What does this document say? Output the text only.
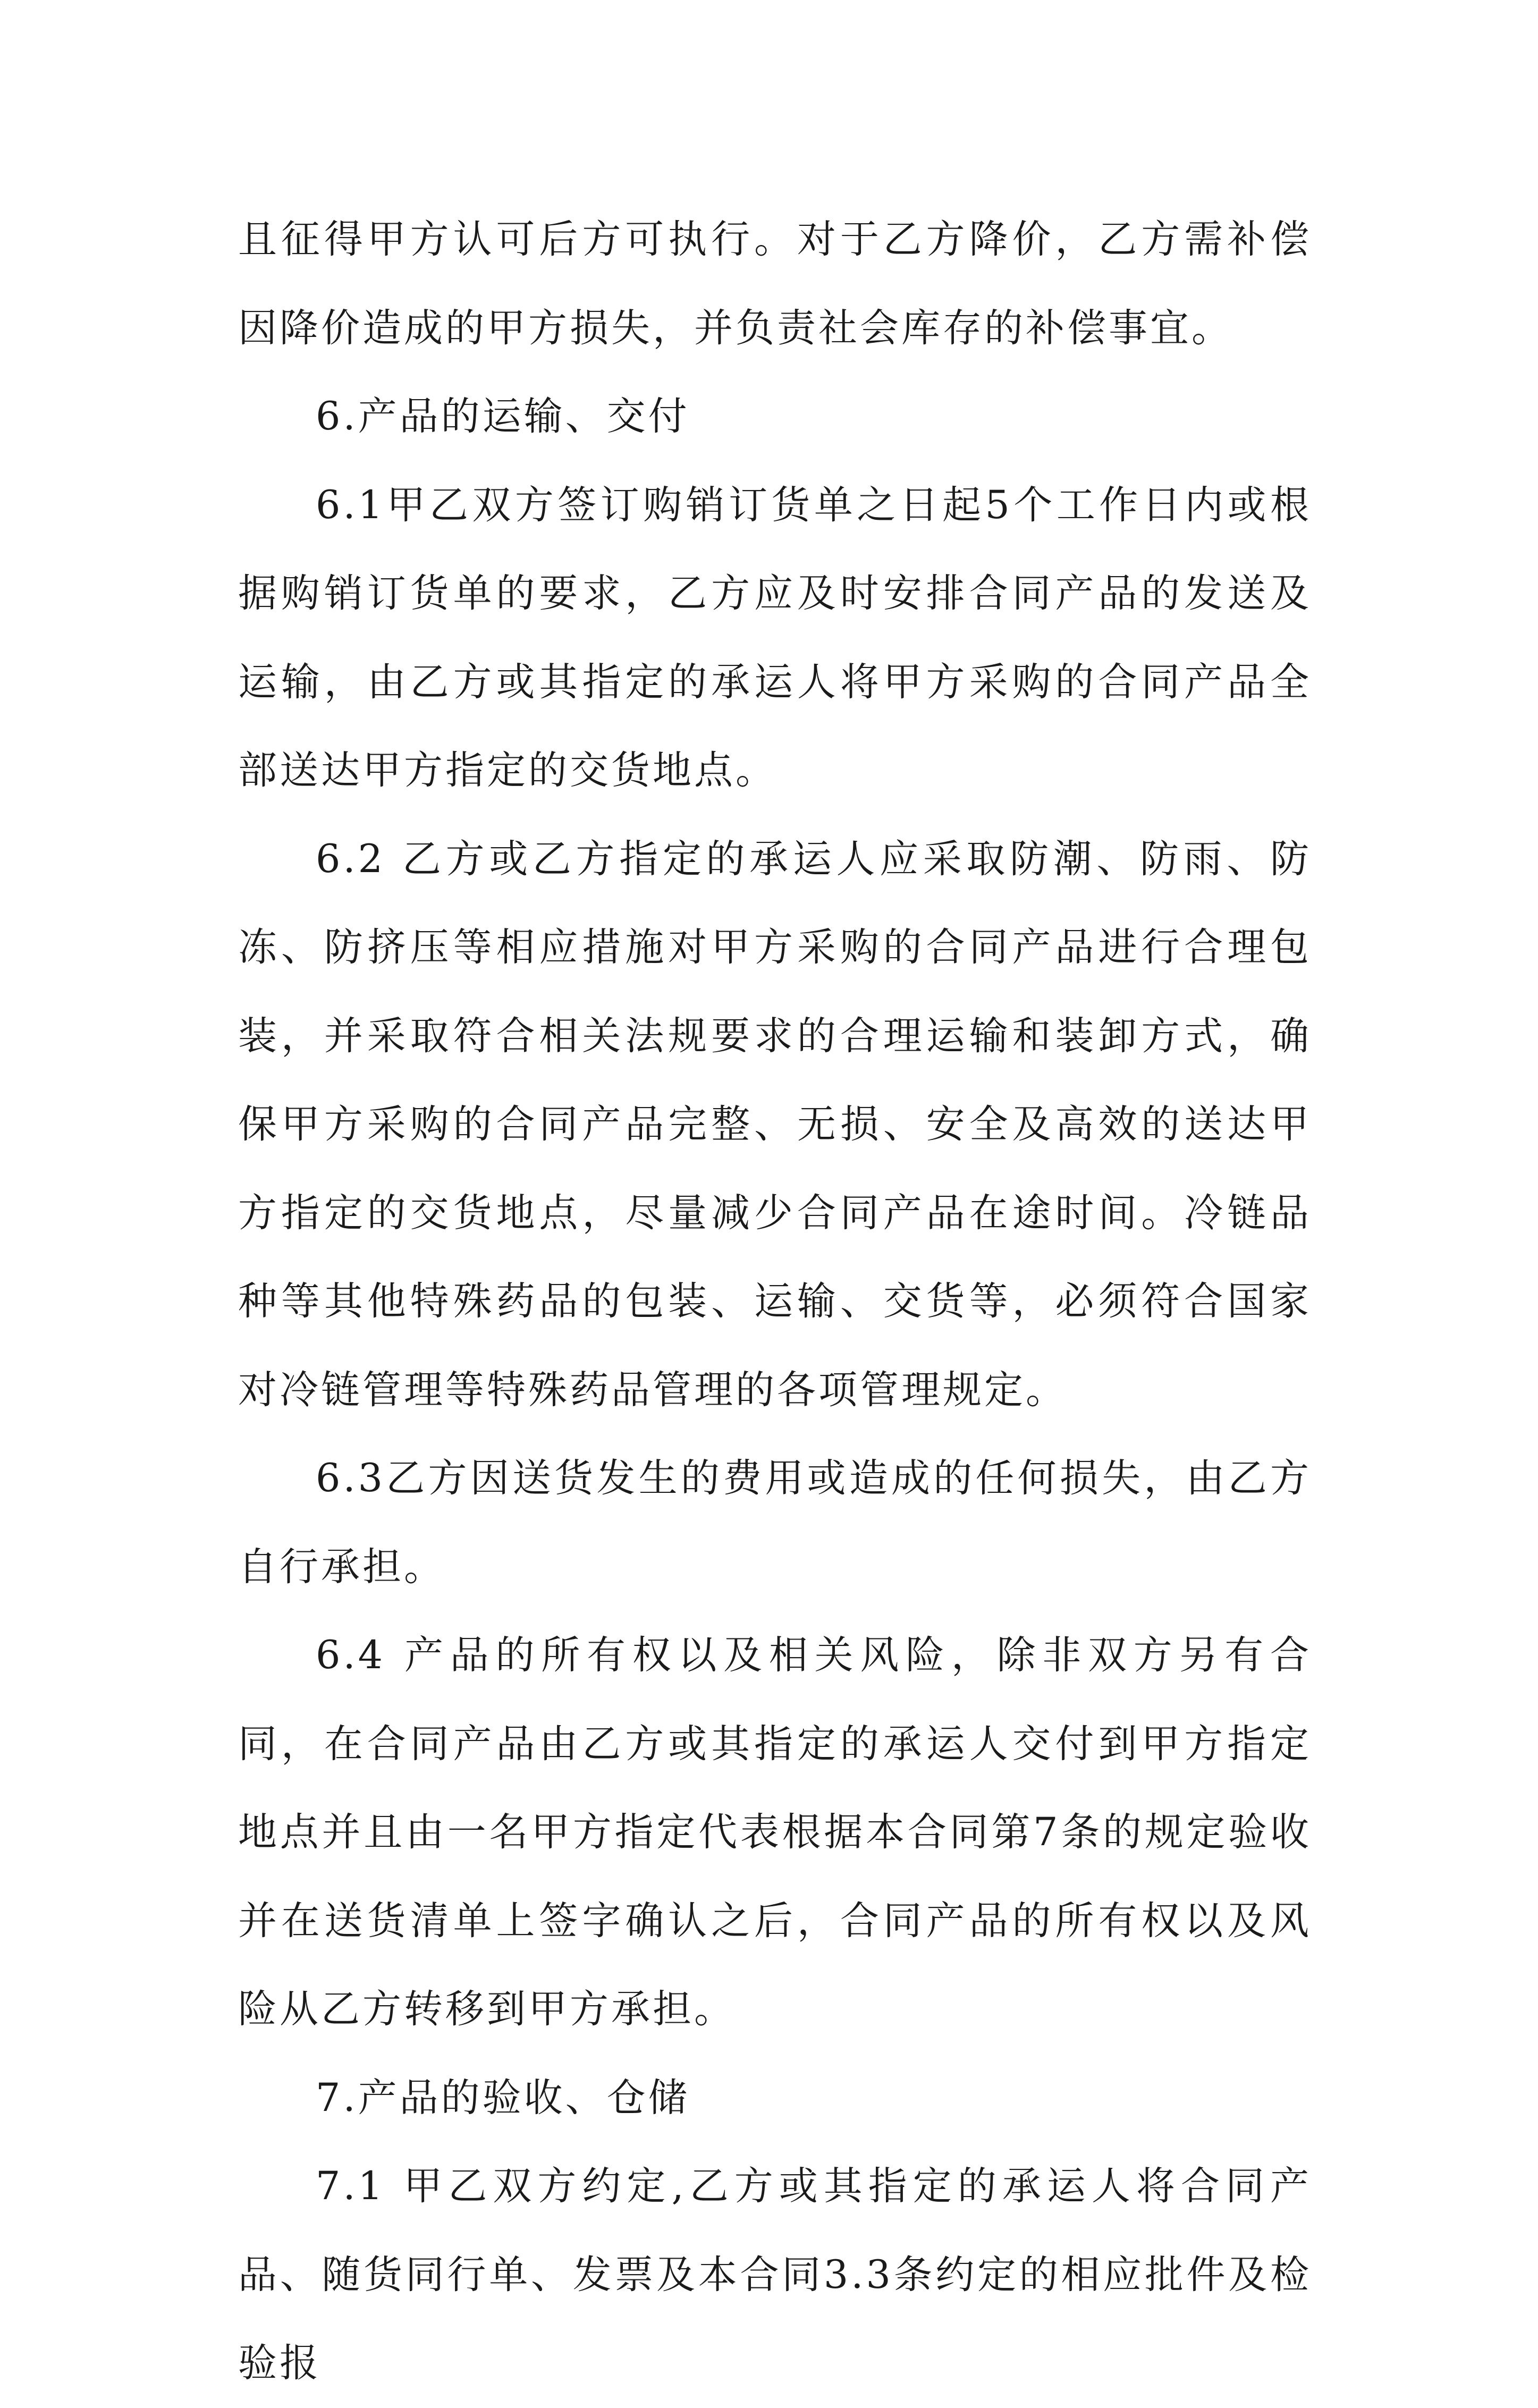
且征得甲方认可后方可执行。对于乙方降价，乙方需补偿因降价造成的甲方损失，并负责社会库存的补偿事宜。

6.产品的运输、交付

6.1甲乙双方签订购销订货单之日起5个工作日内或根据购销订货单的要求，乙方应及时安排合同产品的发送及运输，由乙方或其指定的承运人将甲方采购的合同产品全部送达甲方指定的交货地点。

6.2 乙方或乙方指定的承运人应采取防潮、防雨、防冻、防挤压等相应措施对甲方采购的合同产品进行合理包装，并采取符合相关法规要求的合理运输和装卸方式，确保甲方采购的合同产品完整、无损、安全及高效的送达甲方指定的交货地点，尽量减少合同产品在途时间。冷链品种等其他特殊药品的包装、运输、交货等，必须符合国家对冷链管理等特殊药品管理的各项管理规定。

6.3乙方因送货发生的费用或造成的任何损失，由乙方自行承担。

6.4 产品的所有权以及相关风险，除非双方另有合同，在合同产品由乙方或其指定的承运人交付到甲方指定地点并且由一名甲方指定代表根据本合同第7条的规定验收并在送货清单上签字确认之后，合同产品的所有权以及风险从乙方转移到甲方承担。

7.产品的验收、仓储

7.1 甲乙双方约定,乙方或其指定的承运人将合同产品、随货同行单、发票及本合同3.3条约定的相应批件及检验报
